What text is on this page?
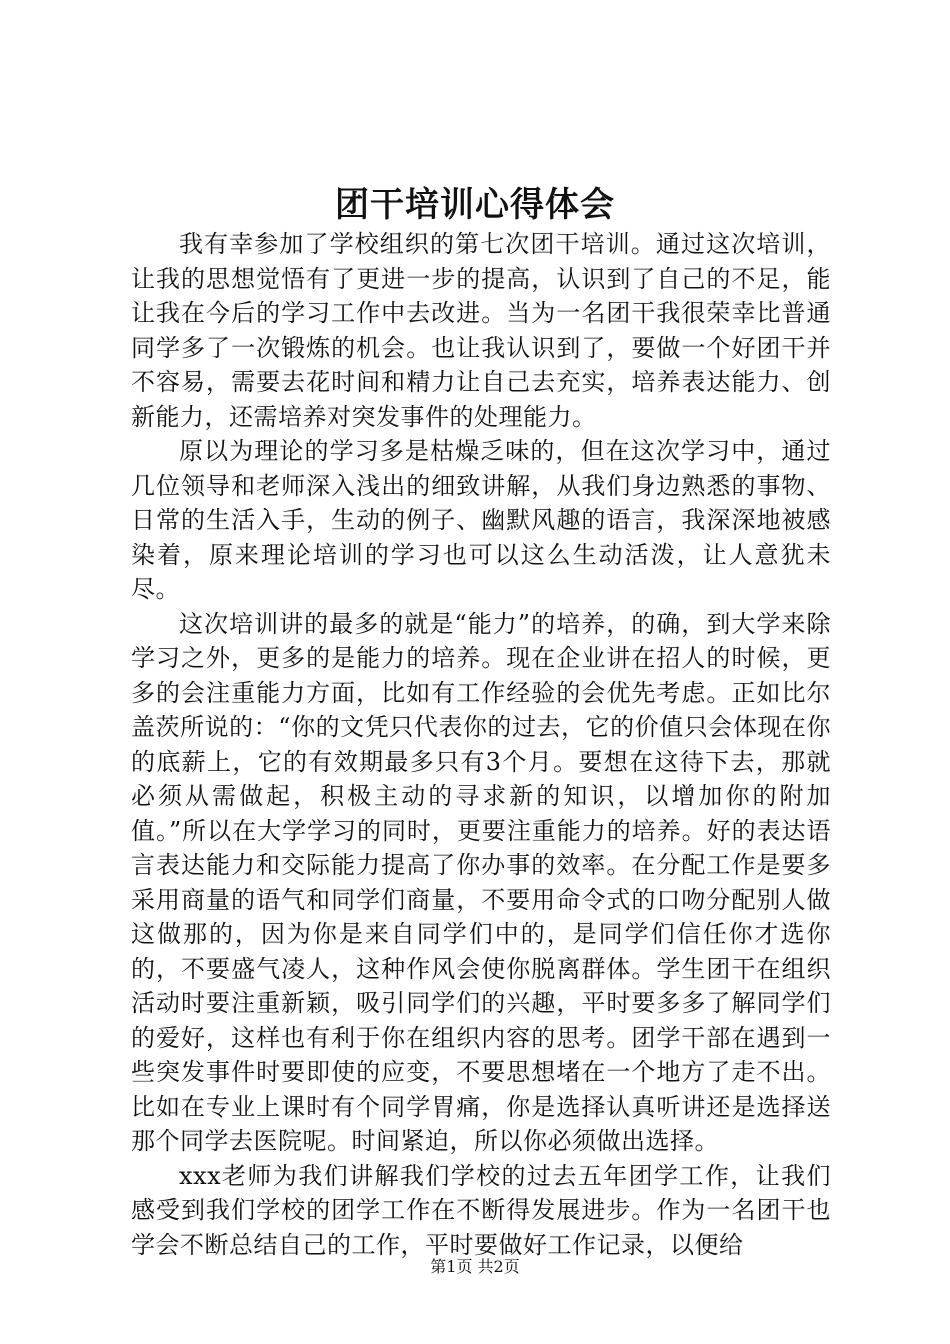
团干培训心得体会

我有幸参加了学校组织的第七次团干培训。通过这次培训，让我的思想觉悟有了更进一步的提高，认识到了自己的不足，能让我在今后的学习工作中去改进。当为一名团干我很荣幸比普通同学多了一次锻炼的机会。也让我认识到了，要做一个好团干并不容易，需要去花时间和精力让自己去充实，培养表达能力、创新能力，还需培养对突发事件的处理能力。

原以为理论的学习多是枯燥乏味的，但在这次学习中，通过几位领导和老师深入浅出的细致讲解，从我们身边熟悉的事物、日常的生活入手，生动的例子、幽默风趣的语言，我深深地被感染着，原来理论培训的学习也可以这么生动活泼，让人意犹未尽。

这次培训讲的最多的就是“能力”的培养，的确，到大学来除学习之外，更多的是能力的培养。现在企业讲在招人的时候，更多的会注重能力方面，比如有工作经验的会优先考虑。正如比尔盖茨所说的：“你的文凭只代表你的过去，它的价值只会体现在你的底薪上，它的有效期最多只有3个月。要想在这待下去，那就必须从需做起，积极主动的寻求新的知识，以增加你的附加值。”所以在大学学习的同时，更要注重能力的培养。好的表达语言表达能力和交际能力提高了你办事的效率。在分配工作是要多采用商量的语气和同学们商量，不要用命令式的口吻分配别人做这做那的，因为你是来自同学们中的，是同学们信任你才选你的，不要盛气凌人，这种作风会使你脱离群体。学生团干在组织活动时要注重新颖，吸引同学们的兴趣，平时要多多了解同学们的爱好，这样也有利于你在组织内容的思考。团学干部在遇到一些突发事件时要即使的应变，不要思想堵在一个地方了走不出。比如在专业上课时有个同学胃痛，你是选择认真听讲还是选择送那个同学去医院呢。时间紧迫，所以你必须做出选择。

xxx老师为我们讲解我们学校的过去五年团学工作，让我们感受到我们学校的团学工作在不断得发展进步。作为一名团干也学会不断总结自己的工作，平时要做好工作记录，以便给

第1页 共2页
